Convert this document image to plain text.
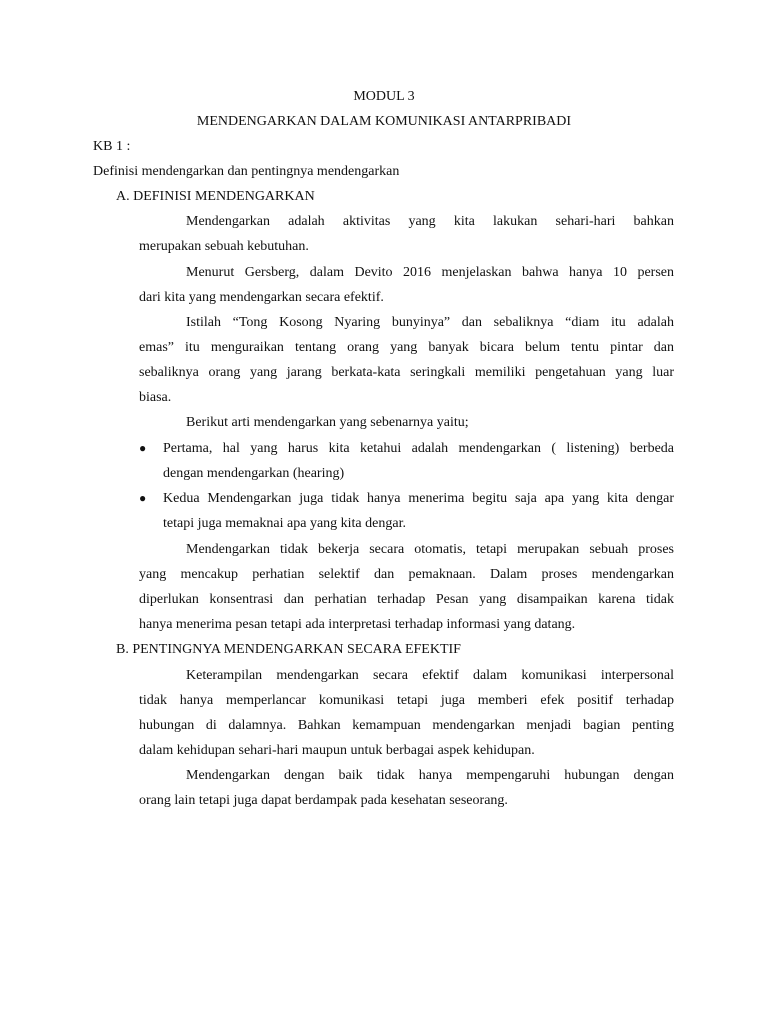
MODUL 3
MENDENGARKAN DALAM KOMUNIKASI ANTARPRIBADI
KB 1 :
Definisi mendengarkan dan pentingnya mendengarkan
A. DEFINISI MENDENGARKAN
Mendengarkan adalah aktivitas yang kita lakukan sehari-hari bahkan
merupakan sebuah kebutuhan.
Menurut Gersberg, dalam Devito 2016 menjelaskan bahwa hanya 10 persen
dari kita yang mendengarkan secara efektif.
Istilah “Tong Kosong Nyaring bunyinya” dan sebaliknya “diam itu adalah
emas” itu menguraikan tentang orang yang banyak bicara belum tentu pintar dan
sebaliknya orang yang jarang berkata-kata seringkali memiliki pengetahuan yang luar
biasa.
Berikut arti mendengarkan yang sebenarnya yaitu;
● Pertama, hal yang harus kita ketahui adalah mendengarkan ( listening) berbeda
dengan mendengarkan (hearing)
● Kedua Mendengarkan juga tidak hanya menerima begitu saja apa yang kita dengar
tetapi juga memaknai apa yang kita dengar.
Mendengarkan tidak bekerja secara otomatis, tetapi merupakan sebuah proses
yang mencakup perhatian selektif dan pemaknaan. Dalam proses mendengarkan
diperlukan konsentrasi dan perhatian terhadap Pesan yang disampaikan karena tidak
hanya menerima pesan tetapi ada interpretasi terhadap informasi yang datang.
B. PENTINGNYA MENDENGARKAN SECARA EFEKTIF
Keterampilan mendengarkan secara efektif dalam komunikasi interpersonal
tidak hanya memperlancar komunikasi tetapi juga memberi efek positif terhadap
hubungan di dalamnya. Bahkan kemampuan mendengarkan menjadi bagian penting
dalam kehidupan sehari-hari maupun untuk berbagai aspek kehidupan.
Mendengarkan dengan baik tidak hanya mempengaruhi hubungan dengan
orang lain tetapi juga dapat berdampak pada kesehatan seseorang.
